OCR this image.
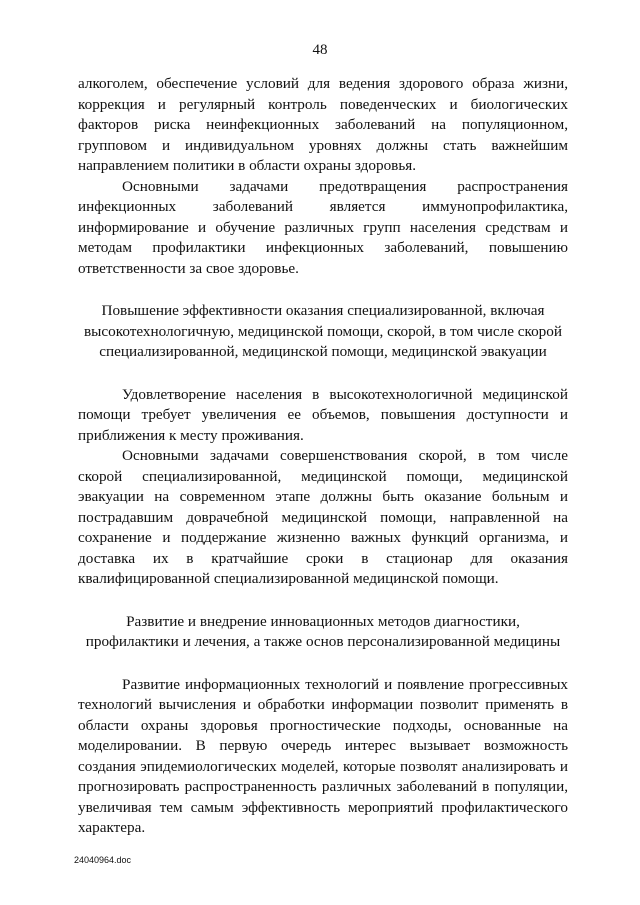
48

алкоголем, обеспечение условий для ведения здорового образа жизни, коррекция и регулярный контроль поведенческих и биологических факторов риска неинфекционных заболеваний на популяционном, групповом и индивидуальном уровнях должны стать важнейшим направлением политики в области охраны здоровья.

Основными задачами предотвращения распространения инфекционных заболеваний является иммунопрофилактика, информирование и обучение различных групп населения средствам и методам профилактики инфекционных заболеваний, повышению ответственности за свое здоровье.

Повышение эффективности оказания специализированной, включая высокотехнологичную, медицинской помощи, скорой, в том числе скорой специализированной, медицинской помощи, медицинской эвакуации

Удовлетворение населения в высокотехнологичной медицинской помощи требует увеличения ее объемов, повышения доступности и приближения к месту проживания.

Основными задачами совершенствования скорой, в том числе скорой специализированной, медицинской помощи, медицинской эвакуации на современном этапе должны быть оказание больным и пострадавшим доврачебной медицинской помощи, направленной на сохранение и поддержание жизненно важных функций организма, и доставка их в кратчайшие сроки в стационар для оказания квалифицированной специализированной медицинской помощи.

Развитие и внедрение инновационных методов диагностики, профилактики и лечения, а также основ персонализированной медицины

Развитие информационных технологий и появление прогрессивных технологий вычисления и обработки информации позволит применять в области охраны здоровья прогностические подходы, основанные на моделировании. В первую очередь интерес вызывает возможность создания эпидемиологических моделей, которые позволят анализировать и прогнозировать распространенность различных заболеваний в популяции, увеличивая тем самым эффективность мероприятий профилактического характера.

24040964.doc
